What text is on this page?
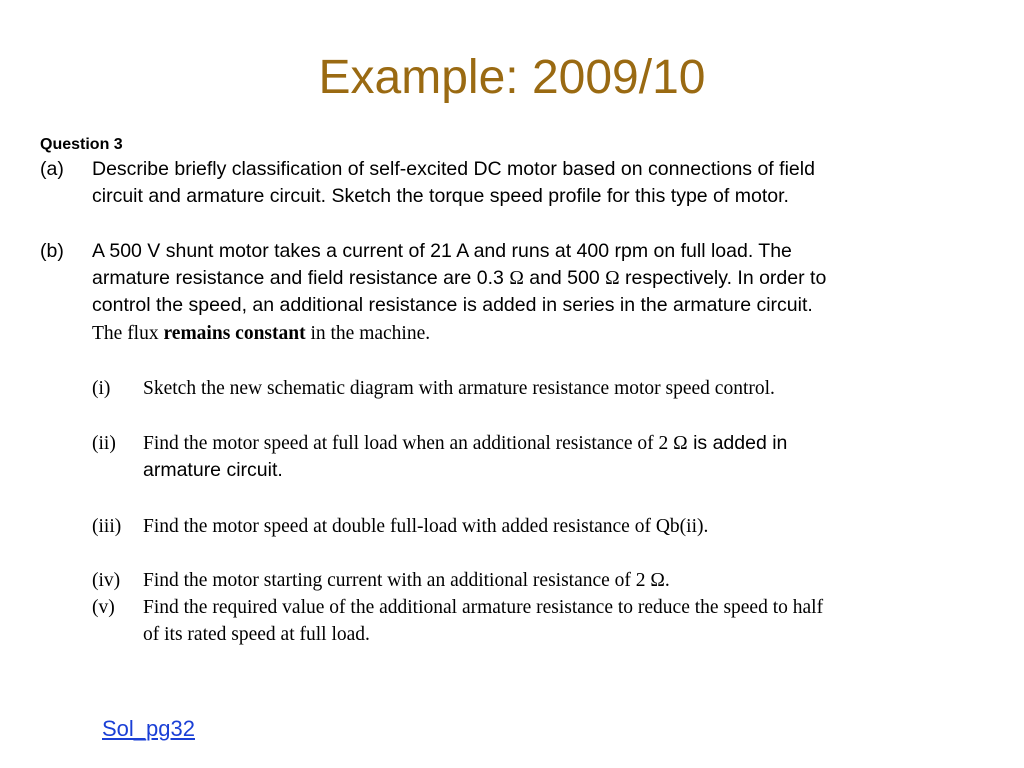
Example: 2009/10
Question 3
(a) Describe briefly classification of self-excited DC motor based on connections of field
circuit and armature circuit. Sketch the torque speed profile for this type of motor.
(b) A 500 V shunt motor takes a current of 21 A and runs at 400 rpm on full load. The
armature resistance and field resistance are 0.3 Ω and 500 Ω respectively. In order to
control the speed, an additional resistance is added in series in the armature circuit.
The flux remains constant in the machine.
(i) Sketch the new schematic diagram with armature resistance motor speed control.
(ii) Find the motor speed at full load when an additional resistance of 2 Ω is added in
armature circuit.
(iii) Find the motor speed at double full-load with added resistance of Qb(ii).
(iv) Find the motor starting current with an additional resistance of 2 Ω.
(v) Find the required value of the additional armature resistance to reduce the speed to half
of its rated speed at full load.
Sol_pg32
